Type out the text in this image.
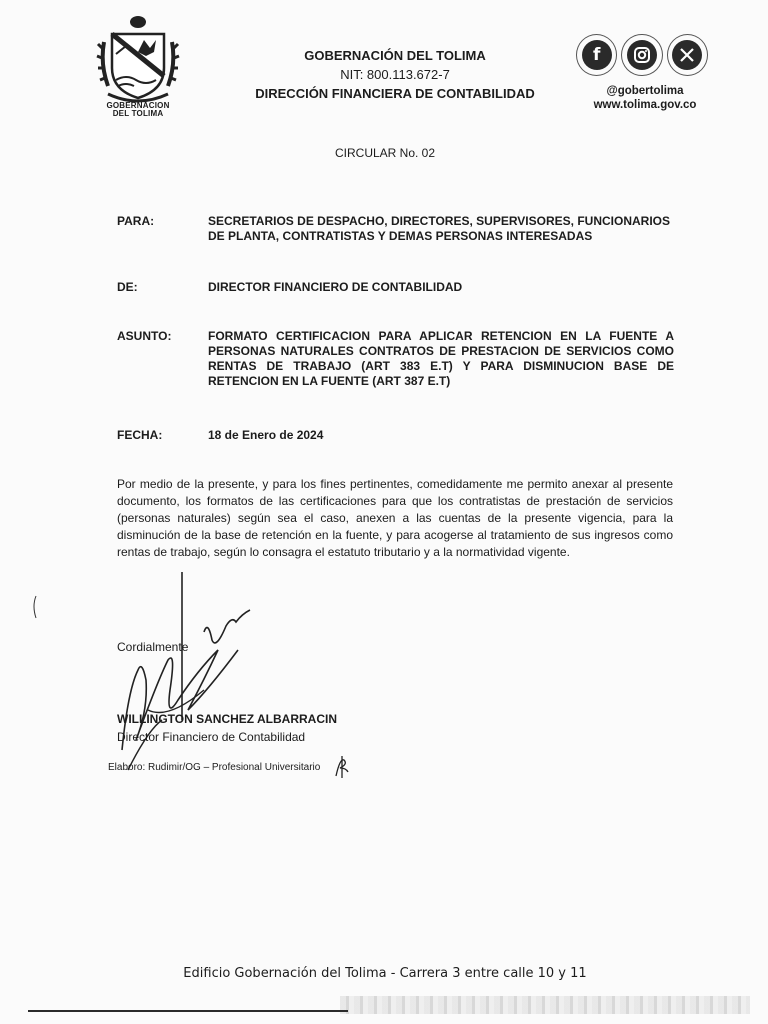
GOBERNACION
DEL TOLIMA
GOBERNACIÓN DEL TOLIMA
NIT: 800.113.672-7
DIRECCIÓN FINANCIERA DE CONTABILIDAD
f
@gobertolima
www.tolima.gov.co
CIRCULAR No. 02
PARA:	SECRETARIOS DE DESPACHO, DIRECTORES, SUPERVISORES, FUNCIONARIOS DE PLANTA, CONTRATISTAS Y DEMAS PERSONAS INTERESADAS
DE:	DIRECTOR FINANCIERO DE CONTABILIDAD
ASUNTO:	FORMATO CERTIFICACION PARA APLICAR RETENCION EN LA FUENTE A PERSONAS NATURALES CONTRATOS DE PRESTACION DE SERVICIOS COMO RENTAS DE TRABAJO (ART 383 E.T) Y PARA DISMINUCION BASE DE RETENCION EN LA FUENTE (ART 387 E.T)
FECHA:	18 de Enero de 2024
Por medio de la presente, y para los fines pertinentes, comedidamente me permito anexar al presente documento, los formatos de las certificaciones para que los contratistas de prestación de servicios (personas naturales) según sea el caso, anexen a las cuentas de la presente vigencia, para la disminución de la base de retención en la fuente, y para acogerse al tratamiento de sus ingresos como rentas de trabajo, según lo consagra el estatuto tributario y a la normatividad vigente.
Cordialmente
WILLINGTON SANCHEZ ALBARRACIN
Director Financiero de Contabilidad
Elaboro: Rudimir/OG – Profesional Universitario
Edificio Gobernación del Tolima - Carrera 3 entre calle 10 y 11
